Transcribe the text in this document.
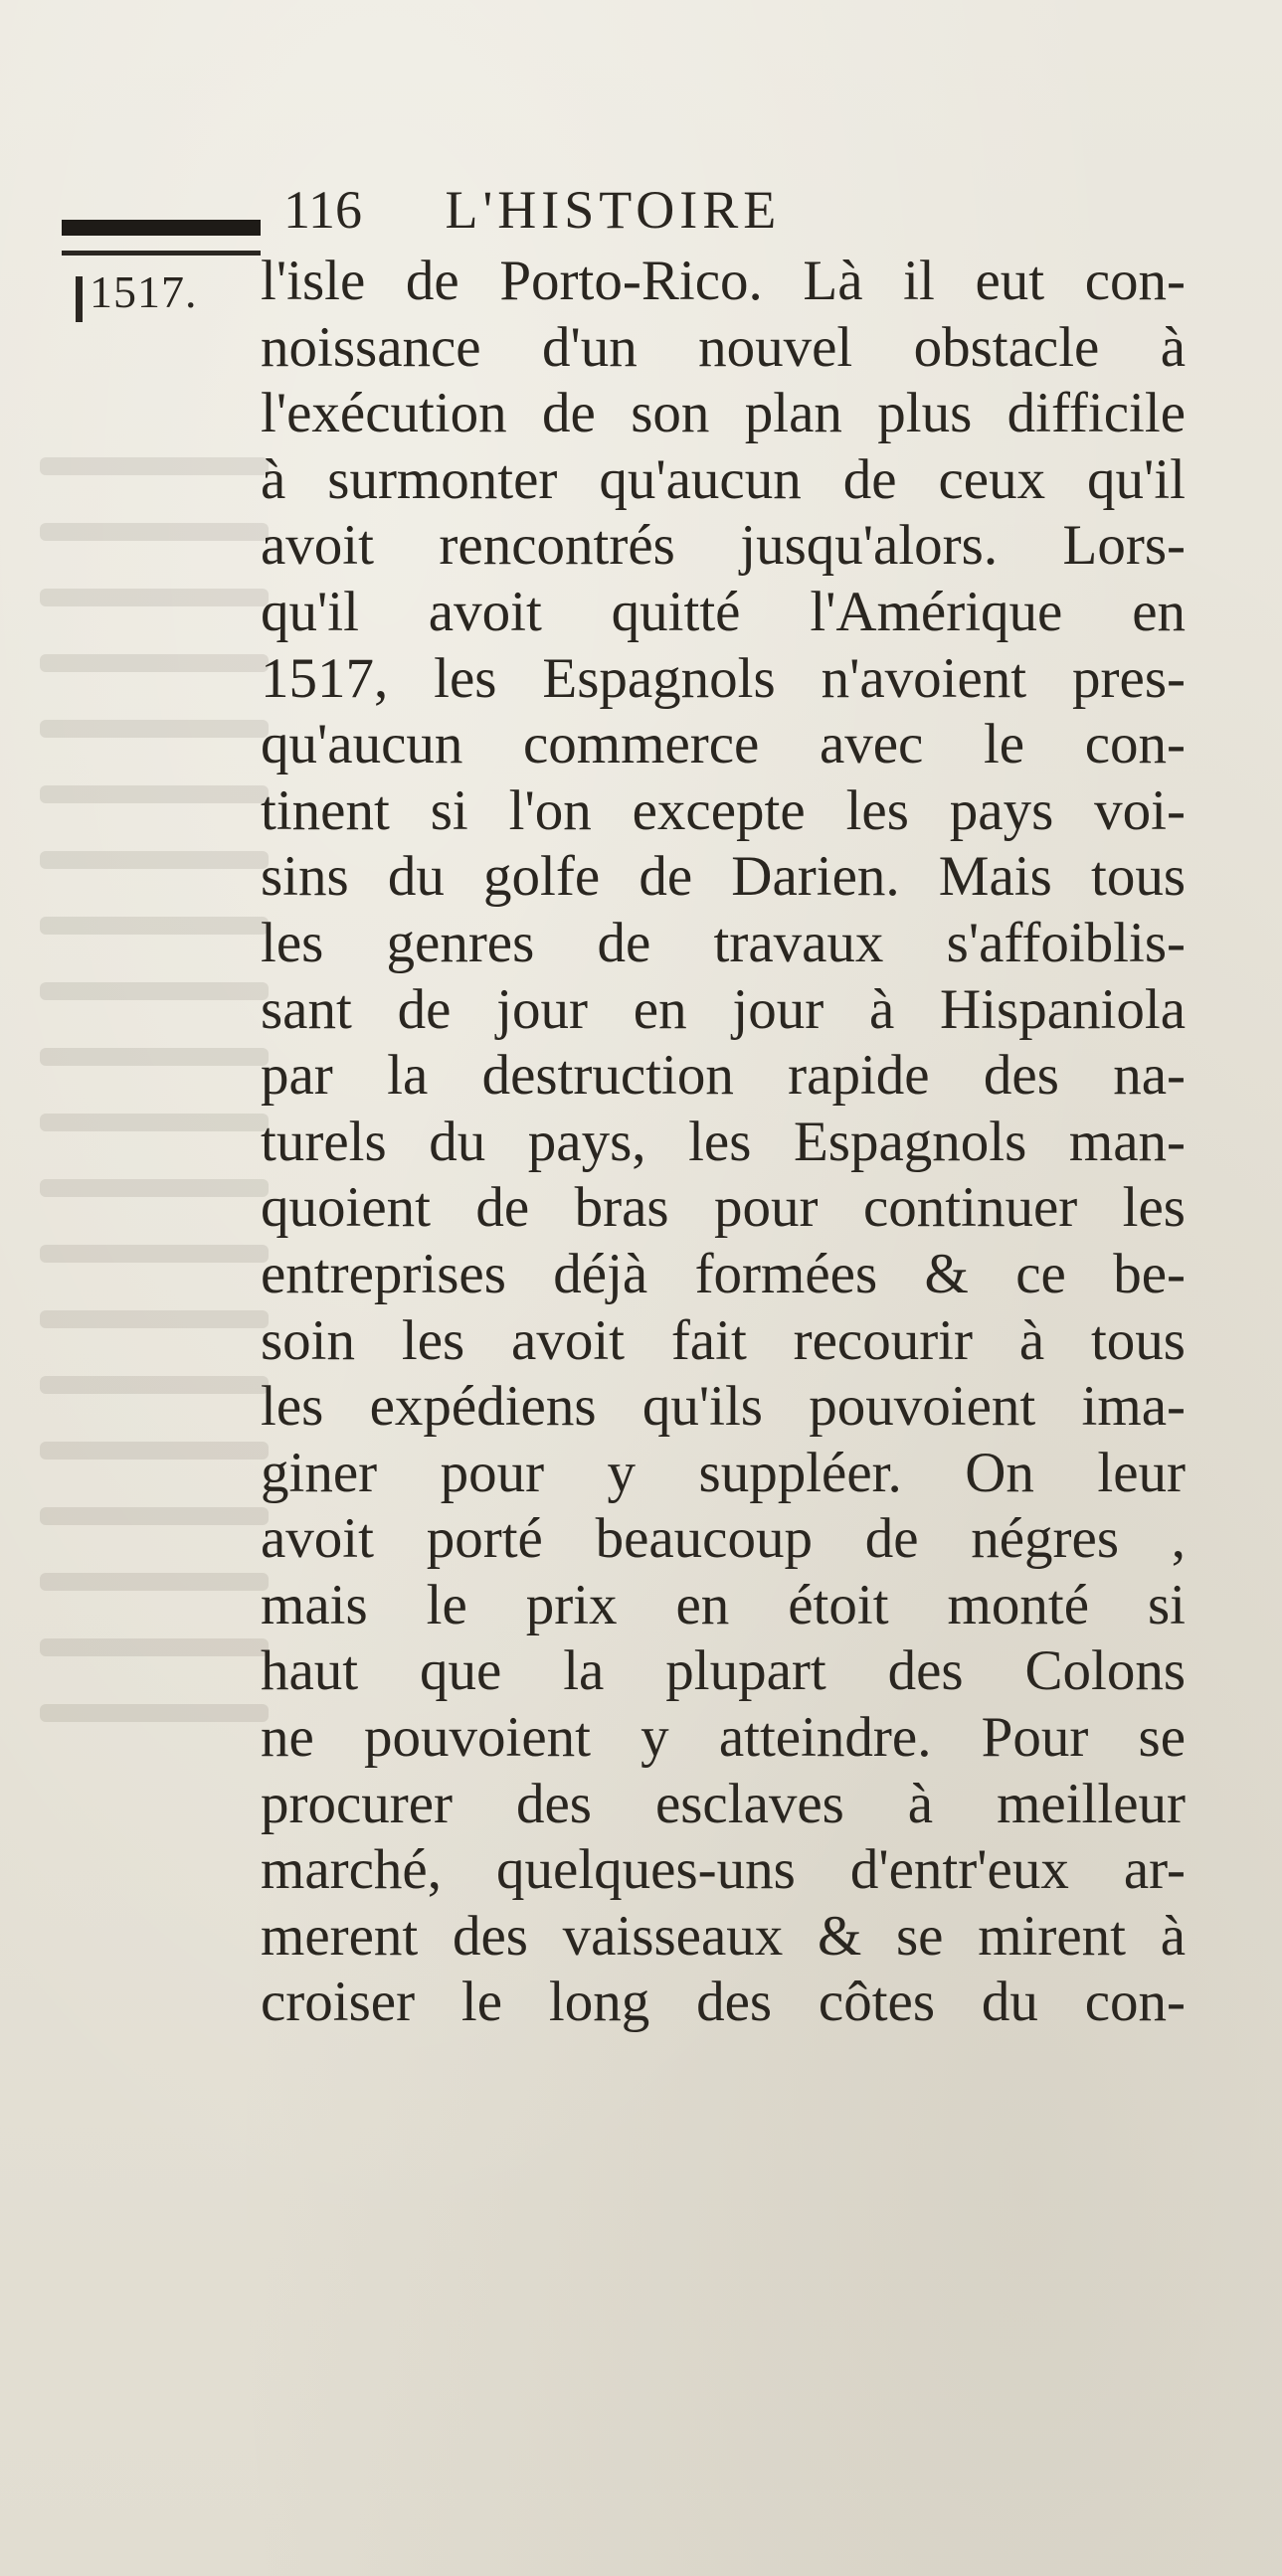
1517.
116 L'HISTOIRE
l'isle de Porto-Rico. Là il eut con-
noissance d'un nouvel obstacle à
l'exécution de son plan plus difficile
à surmonter qu'aucun de ceux qu'il
avoit rencontrés jusqu'alors. Lors-
qu'il avoit quitté l'Amérique en
1517, les Espagnols n'avoient pres-
qu'aucun commerce avec le con-
tinent si l'on excepte les pays voi-
sins du golfe de Darien. Mais tous
les genres de travaux s'affoiblis-
sant de jour en jour à Hispaniola
par la destruction rapide des na-
turels du pays, les Espagnols man-
quoient de bras pour continuer les
entreprises déjà formées & ce be-
soin les avoit fait recourir à tous
les expédiens qu'ils pouvoient ima-
giner pour y suppléer. On leur
avoit porté beaucoup de négres ,
mais le prix en étoit monté si
haut que la plupart des Colons
ne pouvoient y atteindre. Pour se
procurer des esclaves à meilleur
marché, quelques-uns d'entr'eux ar-
merent des vaisseaux & se mirent à
croiser le long des côtes du con-
